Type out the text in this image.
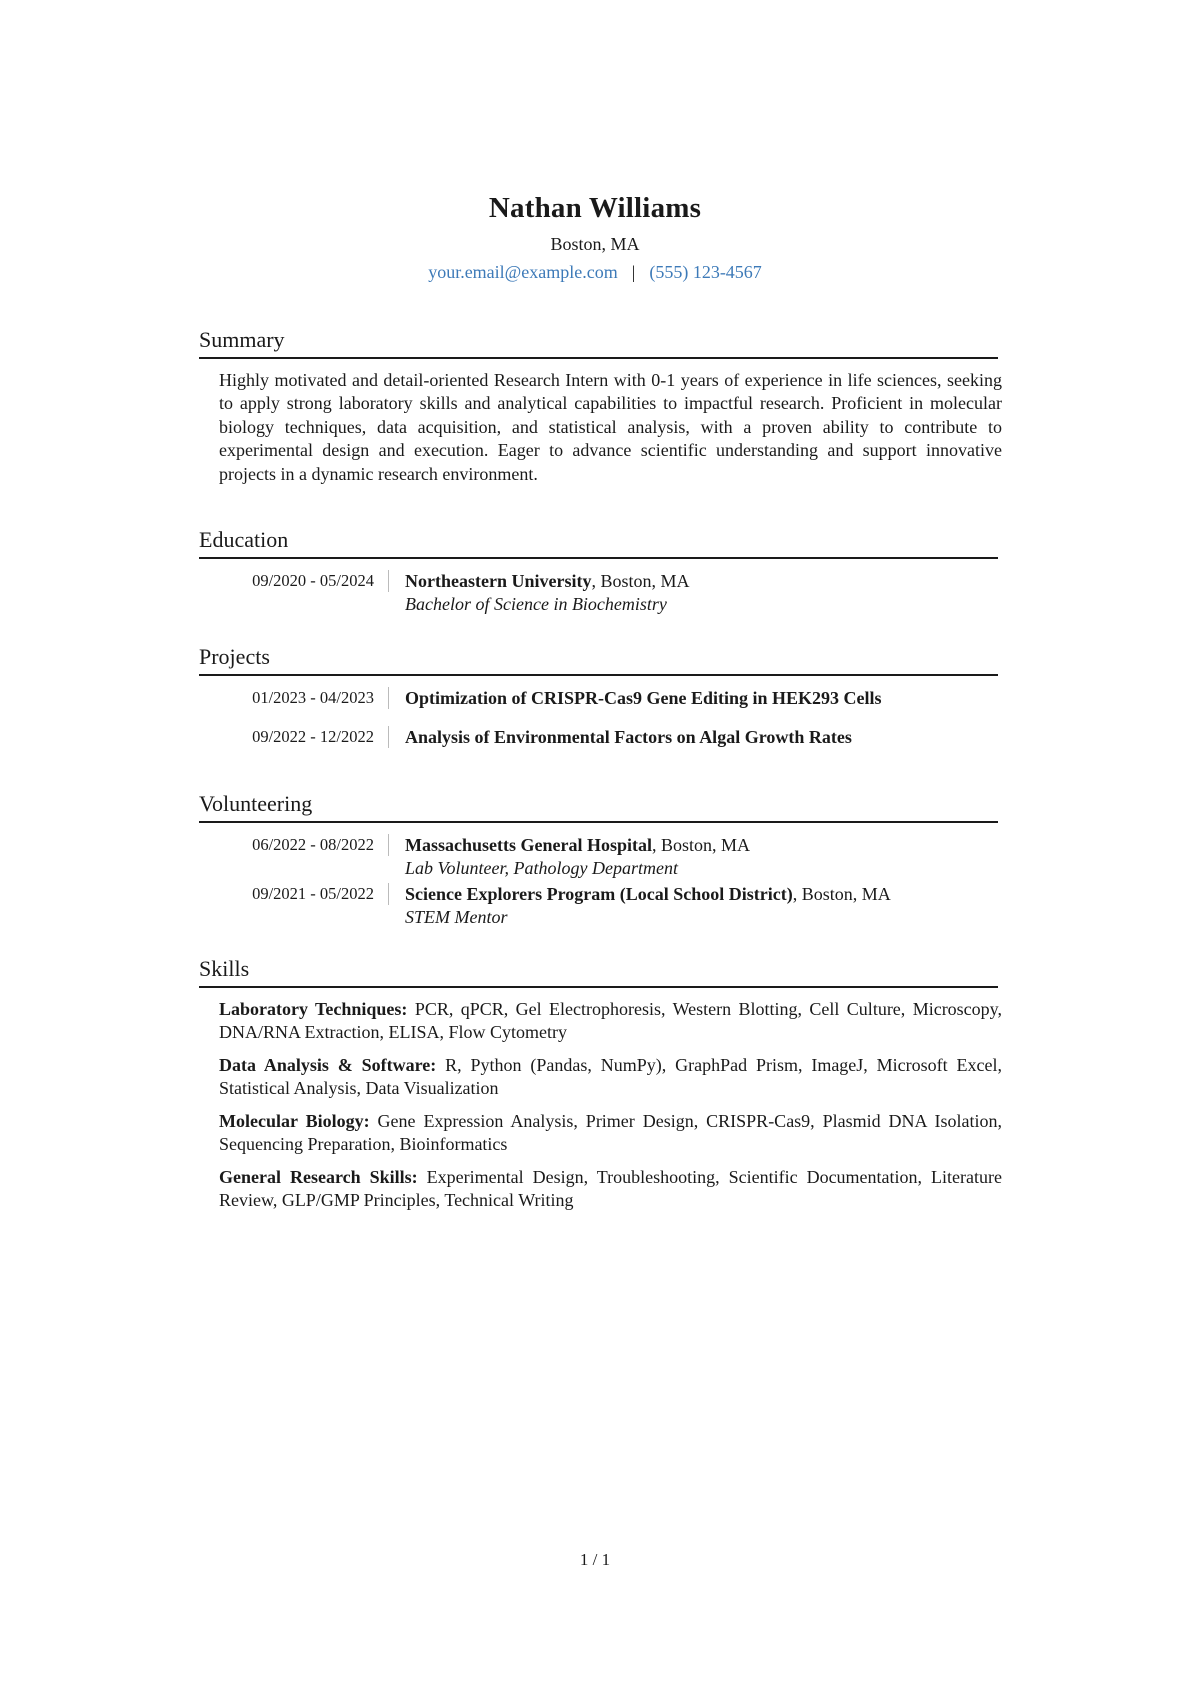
Nathan Williams
Boston, MA
your.email@example.com | (555) 123-4567
Summary
Highly motivated and detail-oriented Research Intern with 0-1 years of experience in life sciences, seeking to apply strong laboratory skills and analytical capabilities to impactful research. Proficient in molecular biology techniques, data acquisition, and statistical analysis, with a proven ability to contribute to experimental design and execution. Eager to advance scientific understanding and support innovative projects in a dynamic research environment.
Education
09/2020 - 05/2024	Northeastern University, Boston, MA
Bachelor of Science in Biochemistry
Projects
01/2023 - 04/2023	Optimization of CRISPR-Cas9 Gene Editing in HEK293 Cells
09/2022 - 12/2022	Analysis of Environmental Factors on Algal Growth Rates
Volunteering
06/2022 - 08/2022	Massachusetts General Hospital, Boston, MA
Lab Volunteer, Pathology Department
09/2021 - 05/2022	Science Explorers Program (Local School District), Boston, MA
STEM Mentor
Skills
Laboratory Techniques: PCR, qPCR, Gel Electrophoresis, Western Blotting, Cell Culture, Microscopy, DNA/RNA Extraction, ELISA, Flow Cytometry
Data Analysis & Software: R, Python (Pandas, NumPy), GraphPad Prism, ImageJ, Microsoft Excel, Statistical Analysis, Data Visualization
Molecular Biology: Gene Expression Analysis, Primer Design, CRISPR-Cas9, Plasmid DNA Isolation, Sequencing Preparation, Bioinformatics
General Research Skills: Experimental Design, Troubleshooting, Scientific Documentation, Literature Review, GLP/GMP Principles, Technical Writing
1 / 1
